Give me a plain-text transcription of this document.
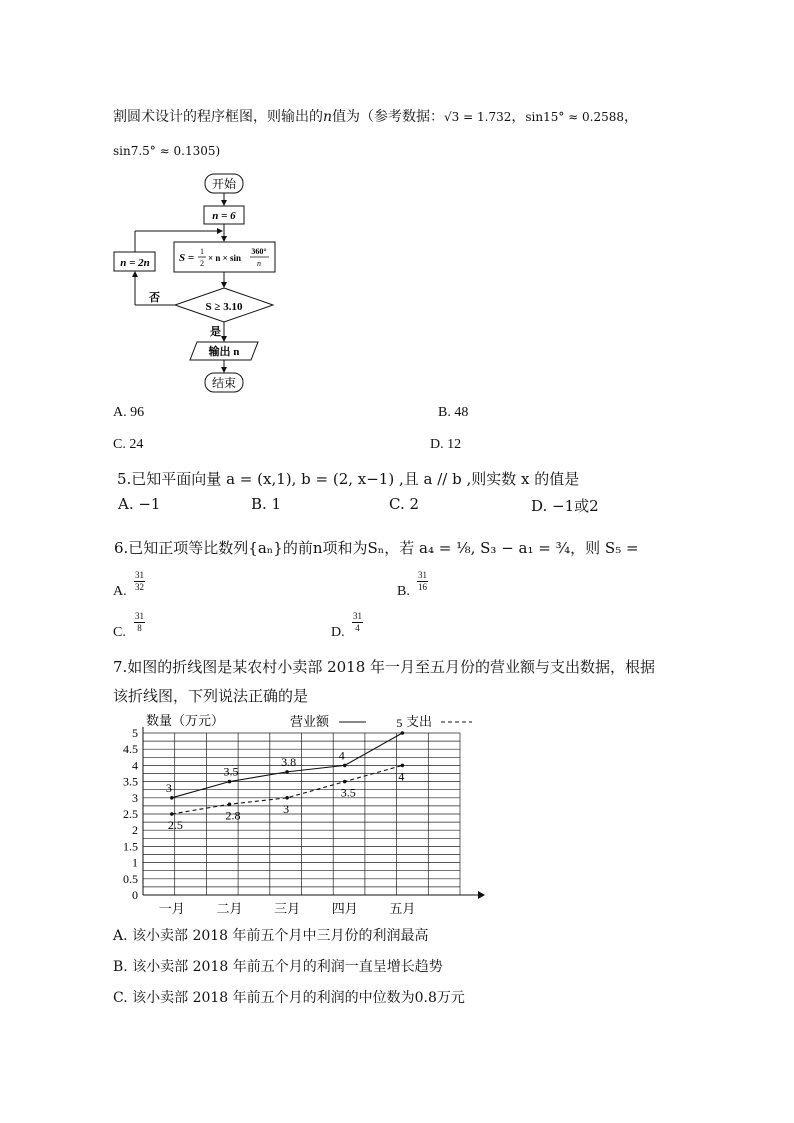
割圆术设计的程序框图，则输出的n值为（参考数据：√3 = 1.732，sin15° ≈ 0.2588，
sin7.5° ≈ 0.1305)
开始
n = 6
S =
1
2
× n × sin
360°
n
n = 2n
S ≥ 3.10
否
是
输出 n
结束
A. 96	B. 48
C. 24	D. 12
5.已知平面向量 a = (x,1), b = (2, x−1) ,且 a // b ,则实数 x 的值是
A. −1	B. 1	C. 2	D. −1或2
6.已知正项等比数列{aₙ}的前n项和为Sₙ，若 a₄ = ⅛, S₃ − a₁ = ¾，则 S₅ =
A. $\frac{31}{32}$	B. $\frac{31}{16}$
C. $\frac{31}{8}$	D. $\frac{31}{4}$
7.如图的折线图是某农村小卖部 2018 年一月至五月份的营业额与支出数据，根据
该折线图，下列说法正确的是
0
0.5
1
1.5
2
2.5
3
3.5
4
4.5
5
一月 二月 三月 四月 五月
3
3.5
3.8	4
5
2.5
2.8	3
3.5
4
营业额	支出
数量（万元）
A. 该小卖部 2018 年前五个月中三月份的利润最高
B. 该小卖部 2018 年前五个月的利润一直呈增长趋势
C. 该小卖部 2018 年前五个月的利润的中位数为0.8万元
